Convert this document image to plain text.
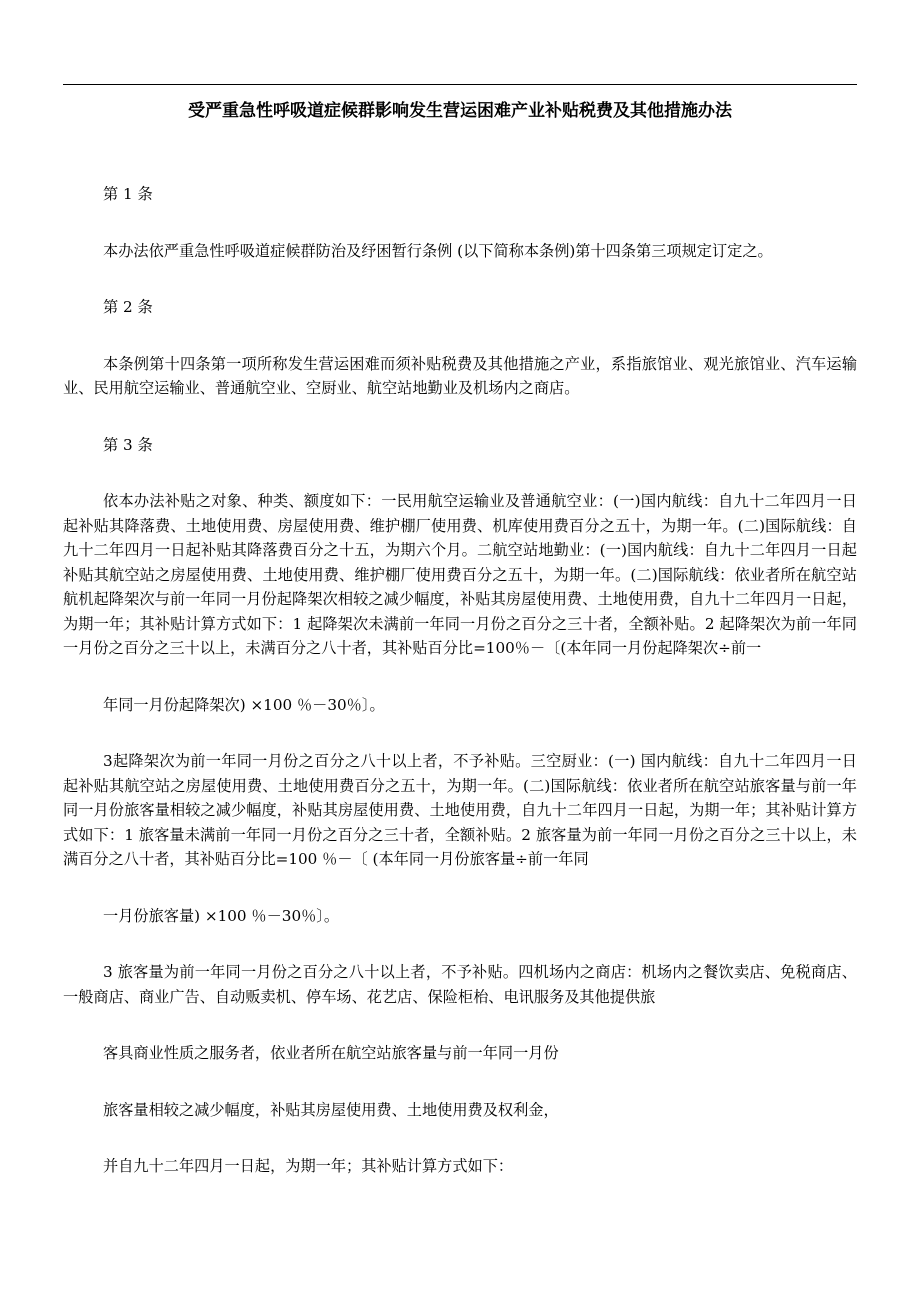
受严重急性呼吸道症候群影响发生营运困难产业补贴税费及其他措施办法

第 1 条

本办法依严重急性呼吸道症候群防治及纾困暂行条例 (以下简称本条例)第十四条第三项规定订定之。

第 2 条

本条例第十四条第一项所称发生营运困难而须补贴税费及其他措施之产业，系指旅馆业、观光旅馆业、汽车运输业、民用航空运输业、普通航空业、空厨业、航空站地勤业及机场内之商店。

第 3 条

依本办法补贴之对象、种类、额度如下：一民用航空运输业及普通航空业：(一)国内航线：自九十二年四月一日起补贴其降落费、土地使用费、房屋使用费、维护棚厂使用费、机库使用费百分之五十，为期一年。(二)国际航线：自九十二年四月一日起补贴其降落费百分之十五，为期六个月。二航空站地勤业：(一)国内航线：自九十二年四月一日起补贴其航空站之房屋使用费、土地使用费、维护棚厂使用费百分之五十，为期一年。(二)国际航线：依业者所在航空站航机起降架次与前一年同一月份起降架次相较之减少幅度，补贴其房屋使用费、土地使用费，自九十二年四月一日起，为期一年；其补贴计算方式如下：1 起降架次未满前一年同一月份之百分之三十者，全额补贴。2 起降架次为前一年同一月份之百分之三十以上，未满百分之八十者，其补贴百分比=100％－〔(本年同一月份起降架次÷前一

年同一月份起降架次) ×100 ％－30％〕。

3起降架次为前一年同一月份之百分之八十以上者，不予补贴。三空厨业：(一) 国内航线：自九十二年四月一日起补贴其航空站之房屋使用费、土地使用费百分之五十，为期一年。(二)国际航线：依业者所在航空站旅客量与前一年同一月份旅客量相较之减少幅度，补贴其房屋使用费、土地使用费，自九十二年四月一日起，为期一年；其补贴计算方式如下：1 旅客量未满前一年同一月份之百分之三十者，全额补贴。2 旅客量为前一年同一月份之百分之三十以上，未满百分之八十者，其补贴百分比=100 ％－〔 (本年同一月份旅客量÷前一年同

一月份旅客量) ×100 ％－30％〕。

3 旅客量为前一年同一月份之百分之八十以上者，不予补贴。四机场内之商店：机场内之餐饮卖店、免税商店、一般商店、商业广告、自动贩卖机、停车场、花艺店、保险柜枱、电讯服务及其他提供旅

客具商业性质之服务者，依业者所在航空站旅客量与前一年同一月份

旅客量相较之减少幅度，补贴其房屋使用费、土地使用费及权利金，

并自九十二年四月一日起，为期一年；其补贴计算方式如下：
